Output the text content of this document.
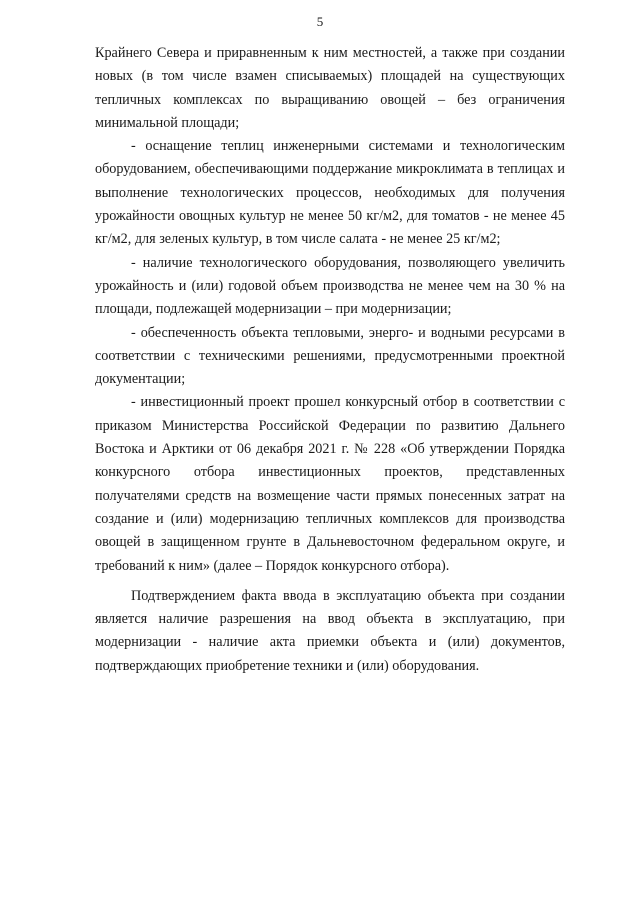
5

Крайнего Севера и приравненным к ним местностей, а также при создании новых (в том числе взамен списываемых) площадей на существующих тепличных комплексах по выращиванию овощей – без ограничения минимальной площади;

- оснащение теплиц инженерными системами и технологическим оборудованием, обеспечивающими поддержание микроклимата в теплицах и выполнение технологических процессов, необходимых для получения урожайности овощных культур не менее 50 кг/м2, для томатов - не менее 45 кг/м2, для зеленых культур, в том числе салата - не менее 25 кг/м2;

- наличие технологического оборудования, позволяющего увеличить урожайность и (или) годовой объем производства не менее чем на 30 % на площади, подлежащей модернизации – при модернизации;

- обеспеченность объекта тепловыми, энерго- и водными ресурсами в соответствии с техническими решениями, предусмотренными проектной документации;

- инвестиционный проект прошел конкурсный отбор в соответствии с приказом Министерства Российской Федерации по развитию Дальнего Востока и Арктики от 06 декабря 2021 г. № 228 «Об утверждении Порядка конкурсного отбора инвестиционных проектов, представленных получателями средств на возмещение части прямых понесенных затрат на создание и (или) модернизацию тепличных комплексов для производства овощей в защищенном грунте в Дальневосточном федеральном округе, и требований к ним» (далее – Порядок конкурсного отбора).

Подтверждением факта ввода в эксплуатацию объекта при создании является наличие разрешения на ввод объекта в эксплуатацию, при модернизации - наличие акта приемки объекта и (или) документов, подтверждающих приобретение техники и (или) оборудования.
